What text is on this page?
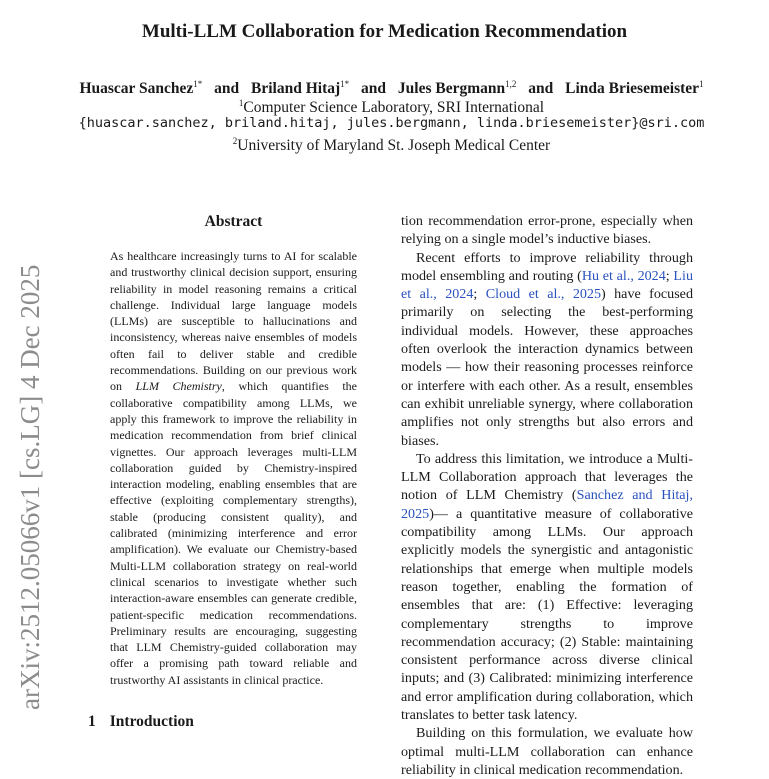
Multi-LLM Collaboration for Medication Recommendation
Huascar Sanchez$^{1*}$ and Briland Hitaj$^{1*}$ and Jules Bergmann$^{1,2}$ and Linda Briesemeister$^1$
$^1$Computer Science Laboratory, SRI International
{huascar.sanchez, briland.hitaj, jules.bergmann, linda.briesemeister}@sri.com
$^2$University of Maryland St. Joseph Medical Center
arXiv:2512.05066v1 [cs.LG] 4 Dec 2025
Abstract

As healthcare increasingly turns to AI for scalable and trustworthy clinical decision support, ensuring reliability in model reasoning remains a critical challenge. Individual large language models (LLMs) are susceptible to hallucinations and inconsistency, whereas naive ensembles of models often fail to deliver stable and credible recommendations. Building on our previous work on LLM Chemistry, which quantifies the collaborative compatibility among LLMs, we apply this framework to improve the reliability in medication recommendation from brief clinical vignettes. Our approach leverages multi-LLM collaboration guided by Chemistry-inspired interaction modeling, enabling ensembles that are effective (exploiting complementary strengths), stable (producing consistent quality), and calibrated (minimizing interference and error amplification). We evaluate our Chemistry-based Multi-LLM collaboration strategy on real-world clinical scenarios to investigate whether such interaction-aware ensembles can generate credible, patient-specific medication recommendations. Preliminary results are encouraging, suggesting that LLM Chemistry-guided collaboration may offer a promising path toward reliable and trustworthy AI assistants in clinical practice.

1 Introduction

tion recommendation error-prone, especially when relying on a single model’s inductive biases.

Recent efforts to improve reliability through model ensembling and routing (Hu et al., 2024; Liu et al., 2024; Cloud et al., 2025) have focused primarily on selecting the best-performing individual models. However, these approaches often overlook the interaction dynamics between models — how their reasoning processes reinforce or interfere with each other. As a result, ensembles can exhibit unreliable synergy, where collaboration amplifies not only strengths but also errors and biases.

To address this limitation, we introduce a Multi-LLM Collaboration approach that leverages the notion of LLM Chemistry (Sanchez and Hitaj, 2025)— a quantitative measure of collaborative compatibility among LLMs. Our approach explicitly models the synergistic and antagonistic relationships that emerge when multiple models reason together, enabling the formation of ensembles that are: (1) Effective: leveraging complementary strengths to improve recommendation accuracy; (2) Stable: maintaining consistent performance across diverse clinical inputs; and (3) Calibrated: minimizing interference and error amplification during collaboration, which translates to better task latency.

Building on this formulation, we evaluate how optimal multi-LLM collaboration can enhance reliability in clinical medication recommendation.
